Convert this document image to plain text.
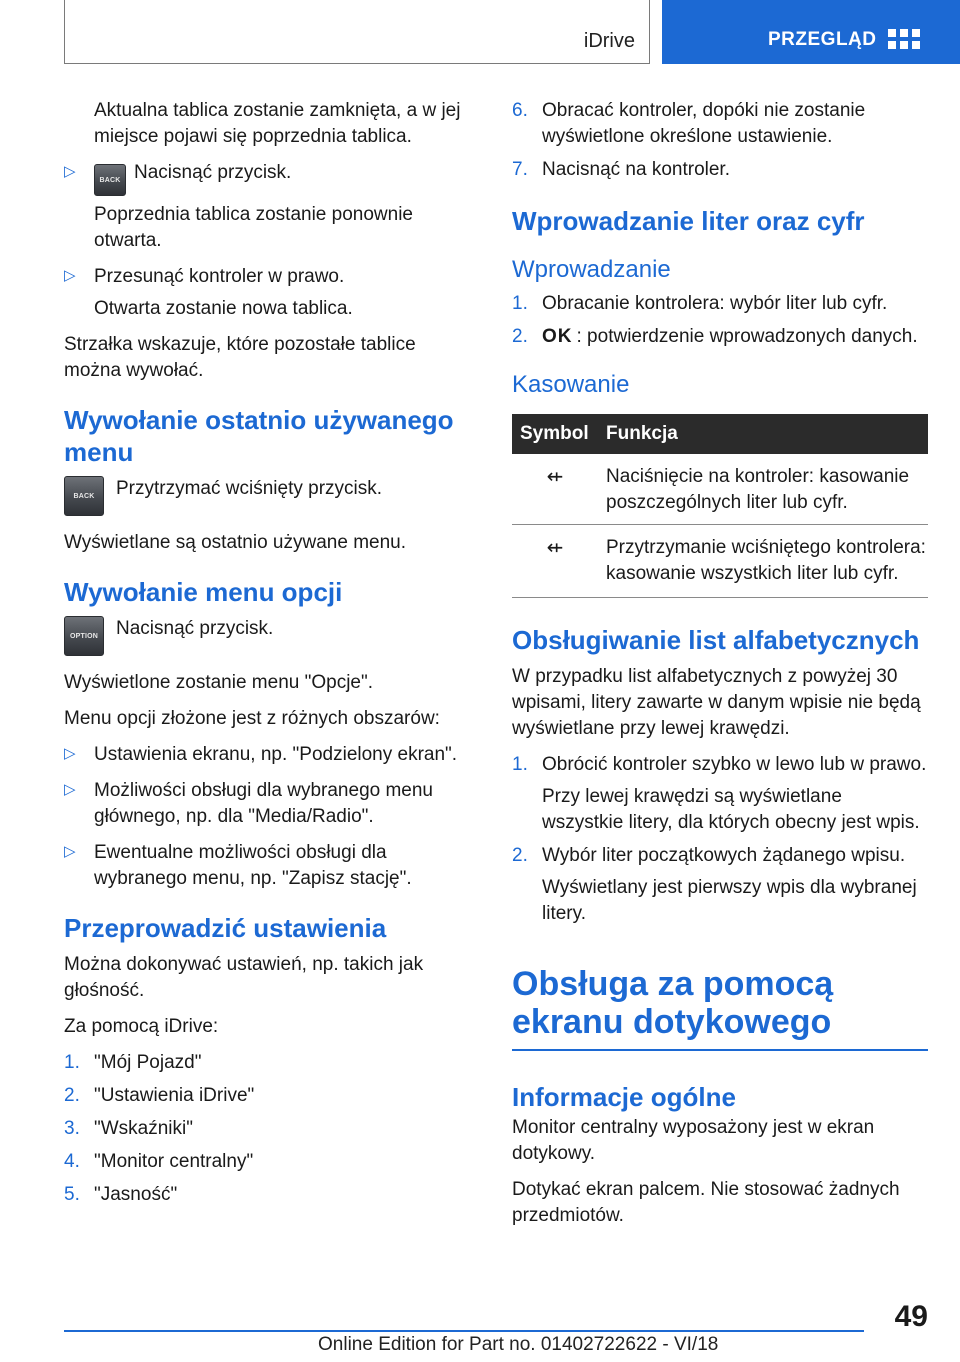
iDrive	PRZEGLĄD

Aktualna tablica zostanie zamknięta, a w jej miejsce pojawi się poprzednia tablica.

▷

BACK Nacisnąć przycisk.

Poprzednia tablica zostanie ponownie otwarta.

▷ Przesunąć kontroler w prawo.

Otwarta zostanie nowa tablica.

Strzałka wskazuje, które pozostałe tablice można wywołać.

Wywołanie ostatnio używanego menu
BACK	Przytrzymać wciśnięty przycisk.

Wyświetlane są ostatnio używane menu.

Wywołanie menu opcji
OPTION Nacisnąć przycisk.

Wyświetlone zostanie menu "Opcje".

Menu opcji złożone jest z różnych obszarów:

▷ Ustawienia ekranu, np. "Podzielony ekran".

▷ Możliwości obsługi dla wybranego menu głównego, np. dla "Media/Radio".

▷ Ewentualne możliwości obsługi dla wybranego menu, np. "Zapisz stację".

Przeprowadzić ustawienia

Można dokonywać ustawień, np. takich jak głośność.

Za pomocą iDrive:

1. "Mój Pojazd"

2. "Ustawienia iDrive"

3. "Wskaźniki"

4. "Monitor centralny"

5. "Jasność"

6. Obracać kontroler, dopóki nie zostanie wyświetlone określone ustawienie.

7. Nacisnąć na kontroler.

Wprowadzanie liter oraz cyfr
Wprowadzanie
1. Obracanie kontrolera: wybór liter lub cyfr.

2. OK : potwierdzenie wprowadzonych danych.

Kasowanie
Symbol	Funkcja
⇷	Naciśnięcie na kontroler: kasowanie poszczególnych liter lub cyfr.
⇷	Przytrzymanie wciśniętego kontrolera: kasowanie wszystkich liter lub cyfr.
Obsługiwanie list alfabetycznych

W przypadku list alfabetycznych z powyżej 30 wpisami, litery zawarte w danym wpisie nie będą wyświetlane przy lewej krawędzi.

1. Obrócić kontroler szybko w lewo lub w prawo.

Przy lewej krawędzi są wyświetlane wszystkie litery, dla których obecny jest wpis.

2. Wybór liter początkowych żądanego wpisu.

Wyświetlany jest pierwszy wpis dla wybranej litery.

Obsługa za pomocą ekranu dotykowego
Informacje ogólne

Monitor centralny wyposażony jest w ekran dotykowy.

Dotykać ekran palcem. Nie stosować żadnych przedmiotów.

49
Online Edition for Part no. 01402722622 - VI/18
